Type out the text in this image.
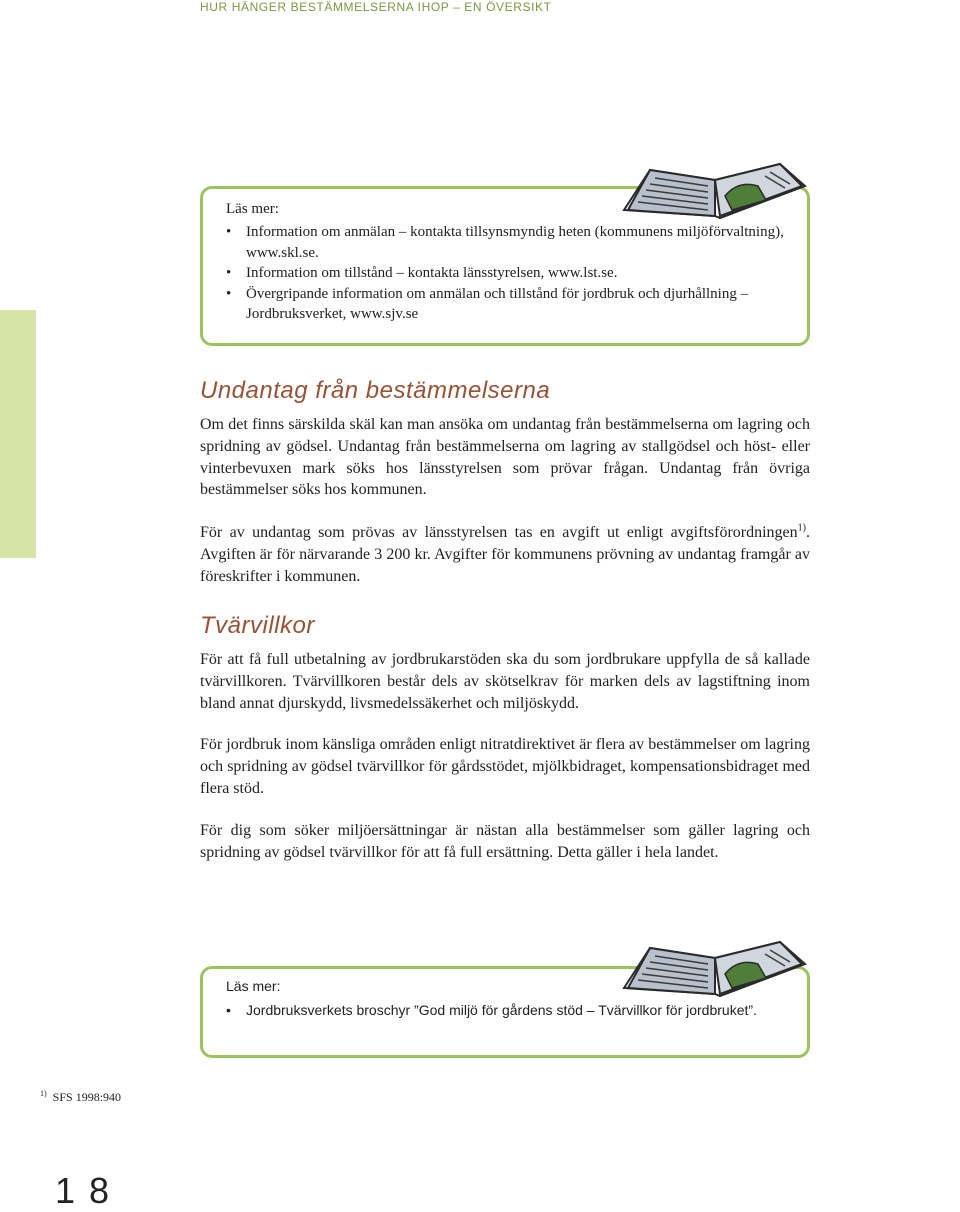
HUR HÄNGER BESTÄMMELSERNA IHOP – EN ÖVERSIKT
Läs mer:
• Information om anmälan – kontakta tillsynsmyndig heten (kommunens miljöförvaltning), www.skl.se.
• Information om tillstånd – kontakta länsstyrelsen, www.lst.se.
• Övergripande information om anmälan och tillstånd för jordbruk och djurhållning – Jordbruksverket, www.sjv.se
Undantag från bestämmelserna

Om det finns särskilda skäl kan man ansöka om undantag från bestämmelserna om lagring och spridning av gödsel. Undantag från bestämmelserna om lagring av stallgödsel och höst- eller vinterbevuxen mark söks hos länsstyrelsen som prövar frågan. Undantag från övriga bestämmelser söks hos kommunen.

För av undantag som prövas av länsstyrelsen tas en avgift ut enligt avgiftsförordningen$^{1)}$. Avgiften är för närvarande 3 200 kr. Avgifter för kommunens prövning av undantag framgår av föreskrifter i kommunen.

Tvärvillkor

För att få full utbetalning av jordbrukarstöden ska du som jordbrukare uppfylla de så kallade tvärvillkoren. Tvärvillkoren består dels av skötselkrav för marken dels av lagstiftning inom bland annat djurskydd, livsmedelssäkerhet och miljöskydd.

För jordbruk inom känsliga områden enligt nitratdirektivet är flera av bestämmelser om lagring och spridning av gödsel tvärvillkor för gårdsstödet, mjölkbidraget, kompensationsbidraget med flera stöd.

För dig som söker miljöersättningar är nästan alla bestämmelser som gäller lagring och spridning av gödsel tvärvillkor för att få full ersättning. Detta gäller i hela landet.

Läs mer:
• Jordbruksverkets broschyr ”God miljö för gårdens stöd – Tvärvillkor för jordbruket”.
$^{1)}$ SFS 1998:940
18
